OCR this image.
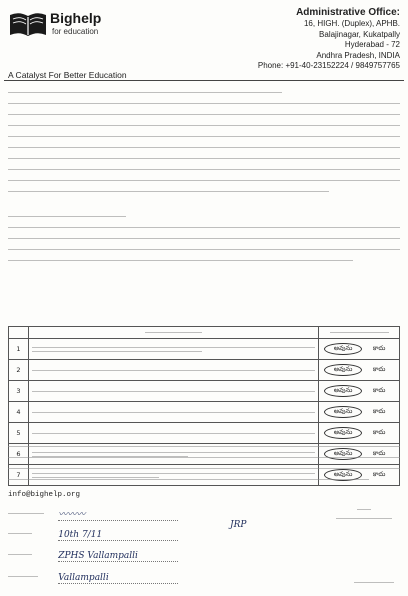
Bighelp
for education
Administrative Office:
16, HIGH. (Duplex), APHB.
Balajinagar, Kukatpally
Hyderabad - 72
Andhra Pradesh, INDIA
Phone: +91-40-23152224 / 9849757765
A Catalyst For Better Education

1		అవును కాదు
2		అవును కాదు
3		అవును కాదు
4		అవును కాదు
5		అవును కాదు
6		అవును కాదు
7		అవును కాదు
info@bighelp.org
〰〰〰
10th 7/11
ZPHS Vallampalli
Vallampalli
JRP
